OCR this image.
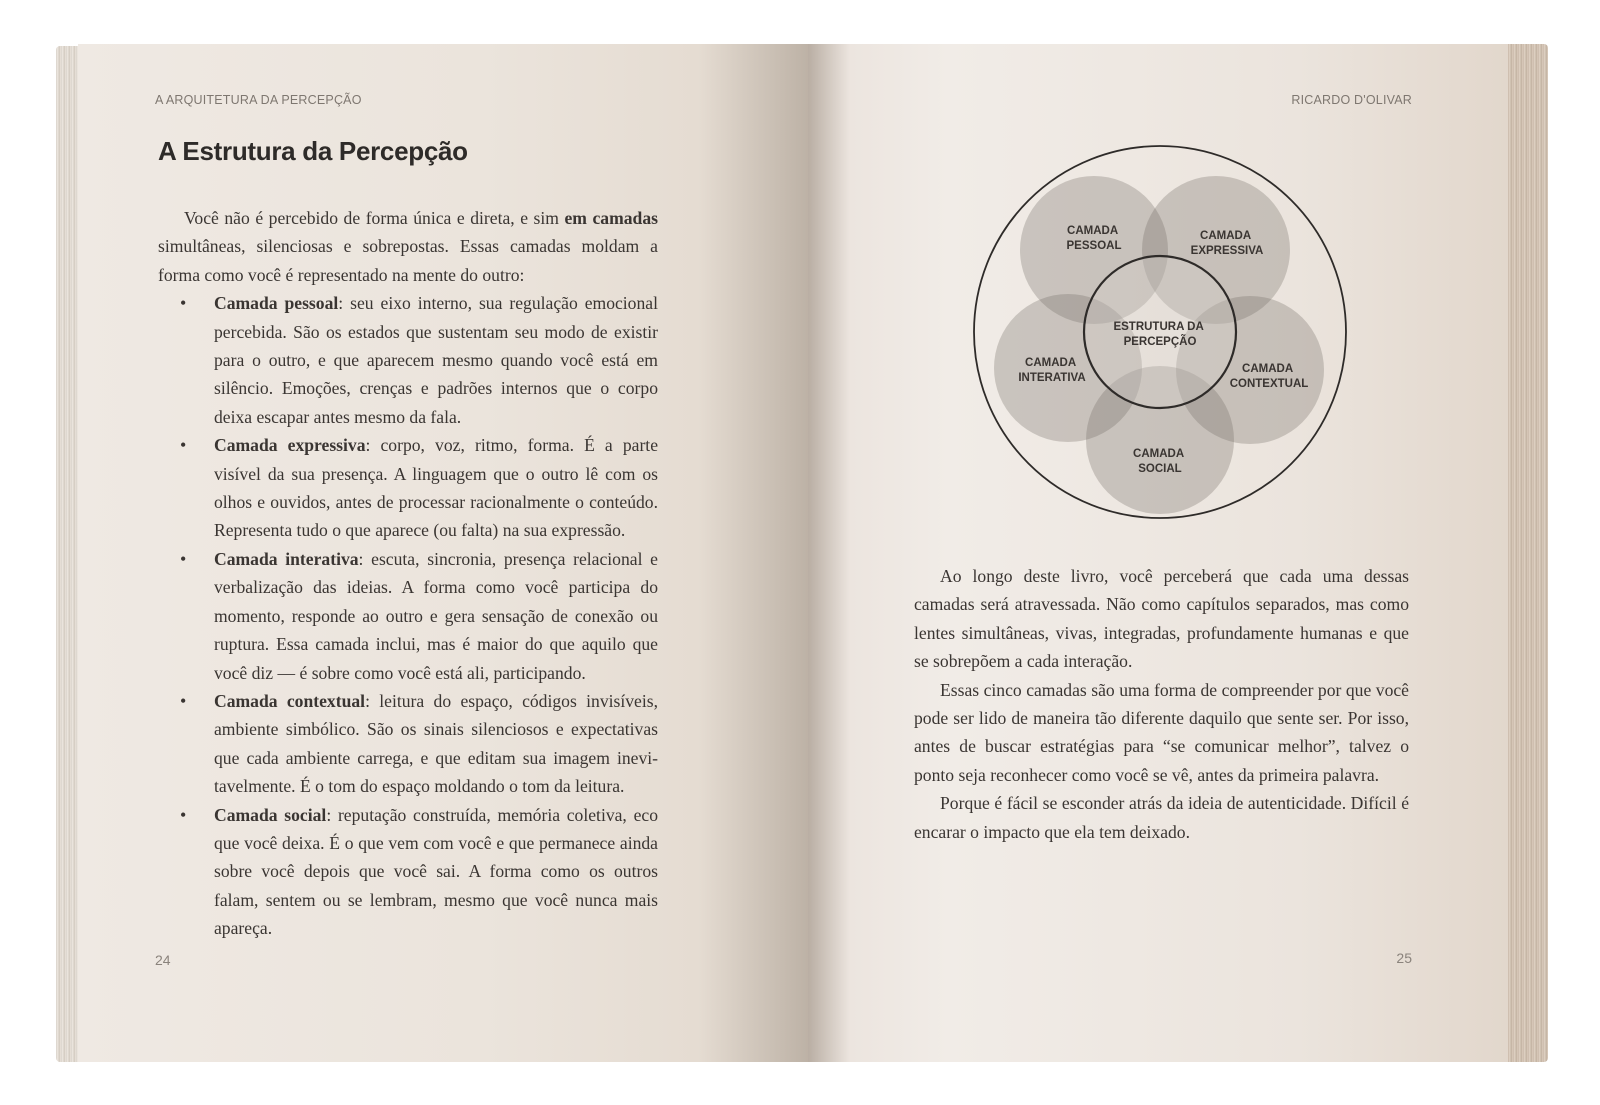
A ARQUITETURA DA PERCEPÇÃO
A Estrutura da Percepção

Você não é percebido de forma única e direta, e sim em camadas simultâneas, silenciosas e sobrepostas. Essas camadas moldam a forma como você é representado na mente do outro:

• Camada pessoal: seu eixo interno, sua regulação emocional percebida. São os estados que sustentam seu modo de existir para o outro, e que aparecem mesmo quando você está em silêncio. Emoções, crenças e padrões internos que o corpo deixa escapar antes mesmo da fala.
• Camada expressiva: corpo, voz, ritmo, forma. É a parte visível da sua presença. A linguagem que o outro lê com os olhos e ouvidos, antes de processar racionalmente o conteúdo. Representa tudo o que aparece (ou falta) na sua expressão.
• Camada interativa: escuta, sincronia, presença relacional e verbalização das ideias. A forma como você participa do momento, responde ao outro e gera sensação de conexão ou ruptura. Essa camada inclui, mas é maior do que aquilo que você diz — é sobre como você está ali, participando.
• Camada contextual: leitura do espaço, códigos invisíveis, ambiente simbólico. São os sinais silenciosos e expectativas que cada ambiente carrega, e que editam sua imagem inevitavelmente. É o tom do espaço moldando o tom da leitura.
• Camada social: reputação construída, memória coletiva, eco que você deixa. É o que vem com você e que permanece ainda sobre você depois que você sai. A forma como os outros falam, sentem ou se lembram, mesmo que você nunca mais apareça.
24
RICARDO D'OLIVAR
ESTRUTURA DA PERCEPÇÃO
CAMADA PESSOAL
CAMADA EXPRESSIVA
CAMADA INTERATIVA
CAMADA CONTEXTUAL
CAMADA SOCIAL

Ao longo deste livro, você perceberá que cada uma dessas camadas será atravessada. Não como capítulos separados, mas como lentes simultâneas, vivas, integradas, profundamente humanas e que se sobrepõem a cada interação.

Essas cinco camadas são uma forma de compreender por que você pode ser lido de maneira tão diferente daquilo que sente ser. Por isso, antes de buscar estratégias para “se comunicar melhor”, talvez o ponto seja reconhecer como você se vê, antes da primeira palavra.

Porque é fácil se esconder atrás da ideia de autenticidade. Difícil é encarar o impacto que ela tem deixado.

25
